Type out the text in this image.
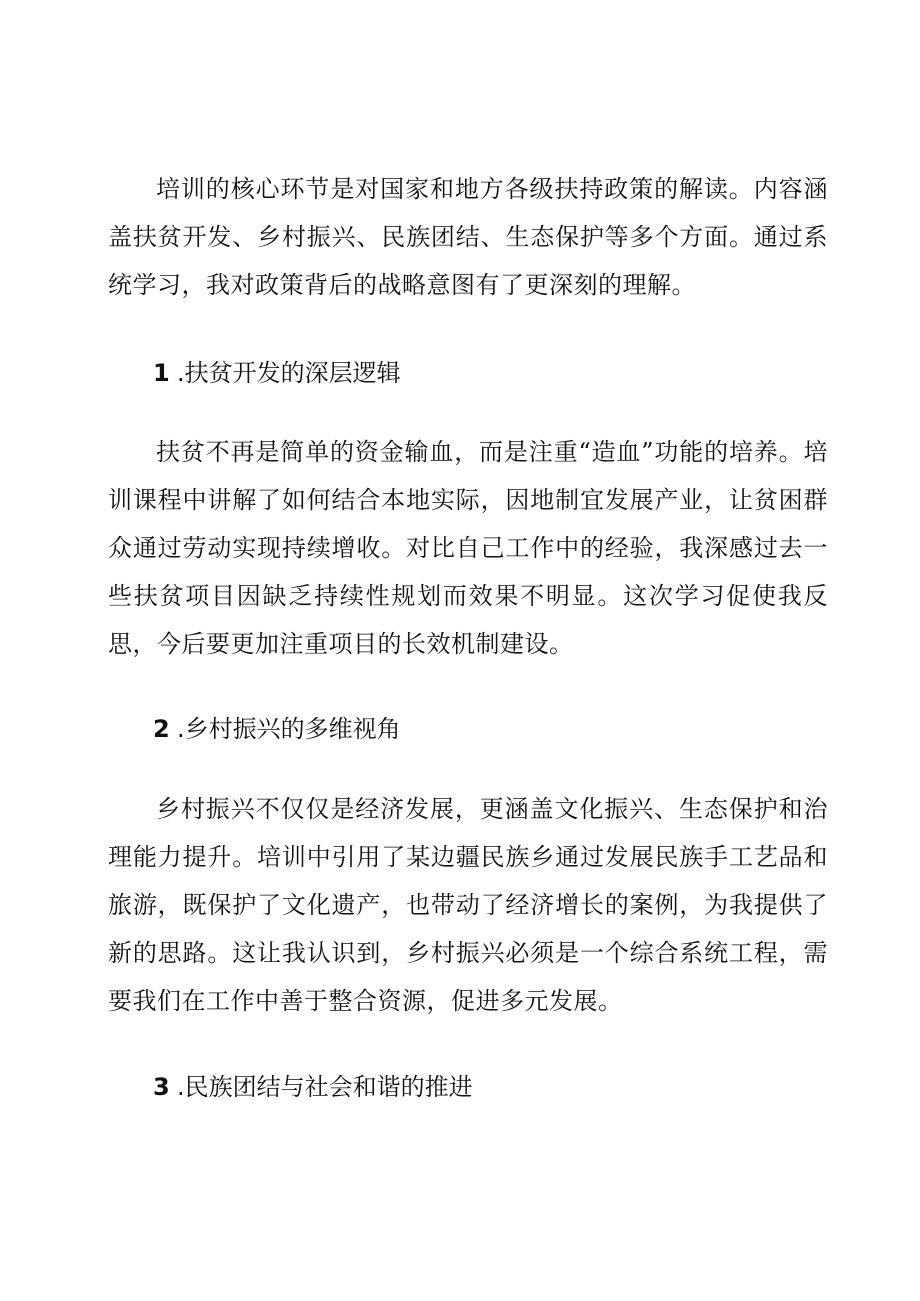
培训的核心环节是对国家和地方各级扶持政策的解读。内容涵盖扶贫开发、乡村振兴、民族团结、生态保护等多个方面。通过系统学习，我对政策背后的战略意图有了更深刻的理解。

1 .扶贫开发的深层逻辑

扶贫不再是简单的资金输血，而是注重“造血”功能的培养。培训课程中讲解了如何结合本地实际，因地制宜发展产业，让贫困群众通过劳动实现持续增收。对比自己工作中的经验，我深感过去一些扶贫项目因缺乏持续性规划而效果不明显。这次学习促使我反思，今后要更加注重项目的长效机制建设。

2 .乡村振兴的多维视角

乡村振兴不仅仅是经济发展，更涵盖文化振兴、生态保护和治理能力提升。培训中引用了某边疆民族乡通过发展民族手工艺品和旅游，既保护了文化遗产，也带动了经济增长的案例，为我提供了新的思路。这让我认识到，乡村振兴必须是一个综合系统工程，需要我们在工作中善于整合资源，促进多元发展。

3 .民族团结与社会和谐的推进
